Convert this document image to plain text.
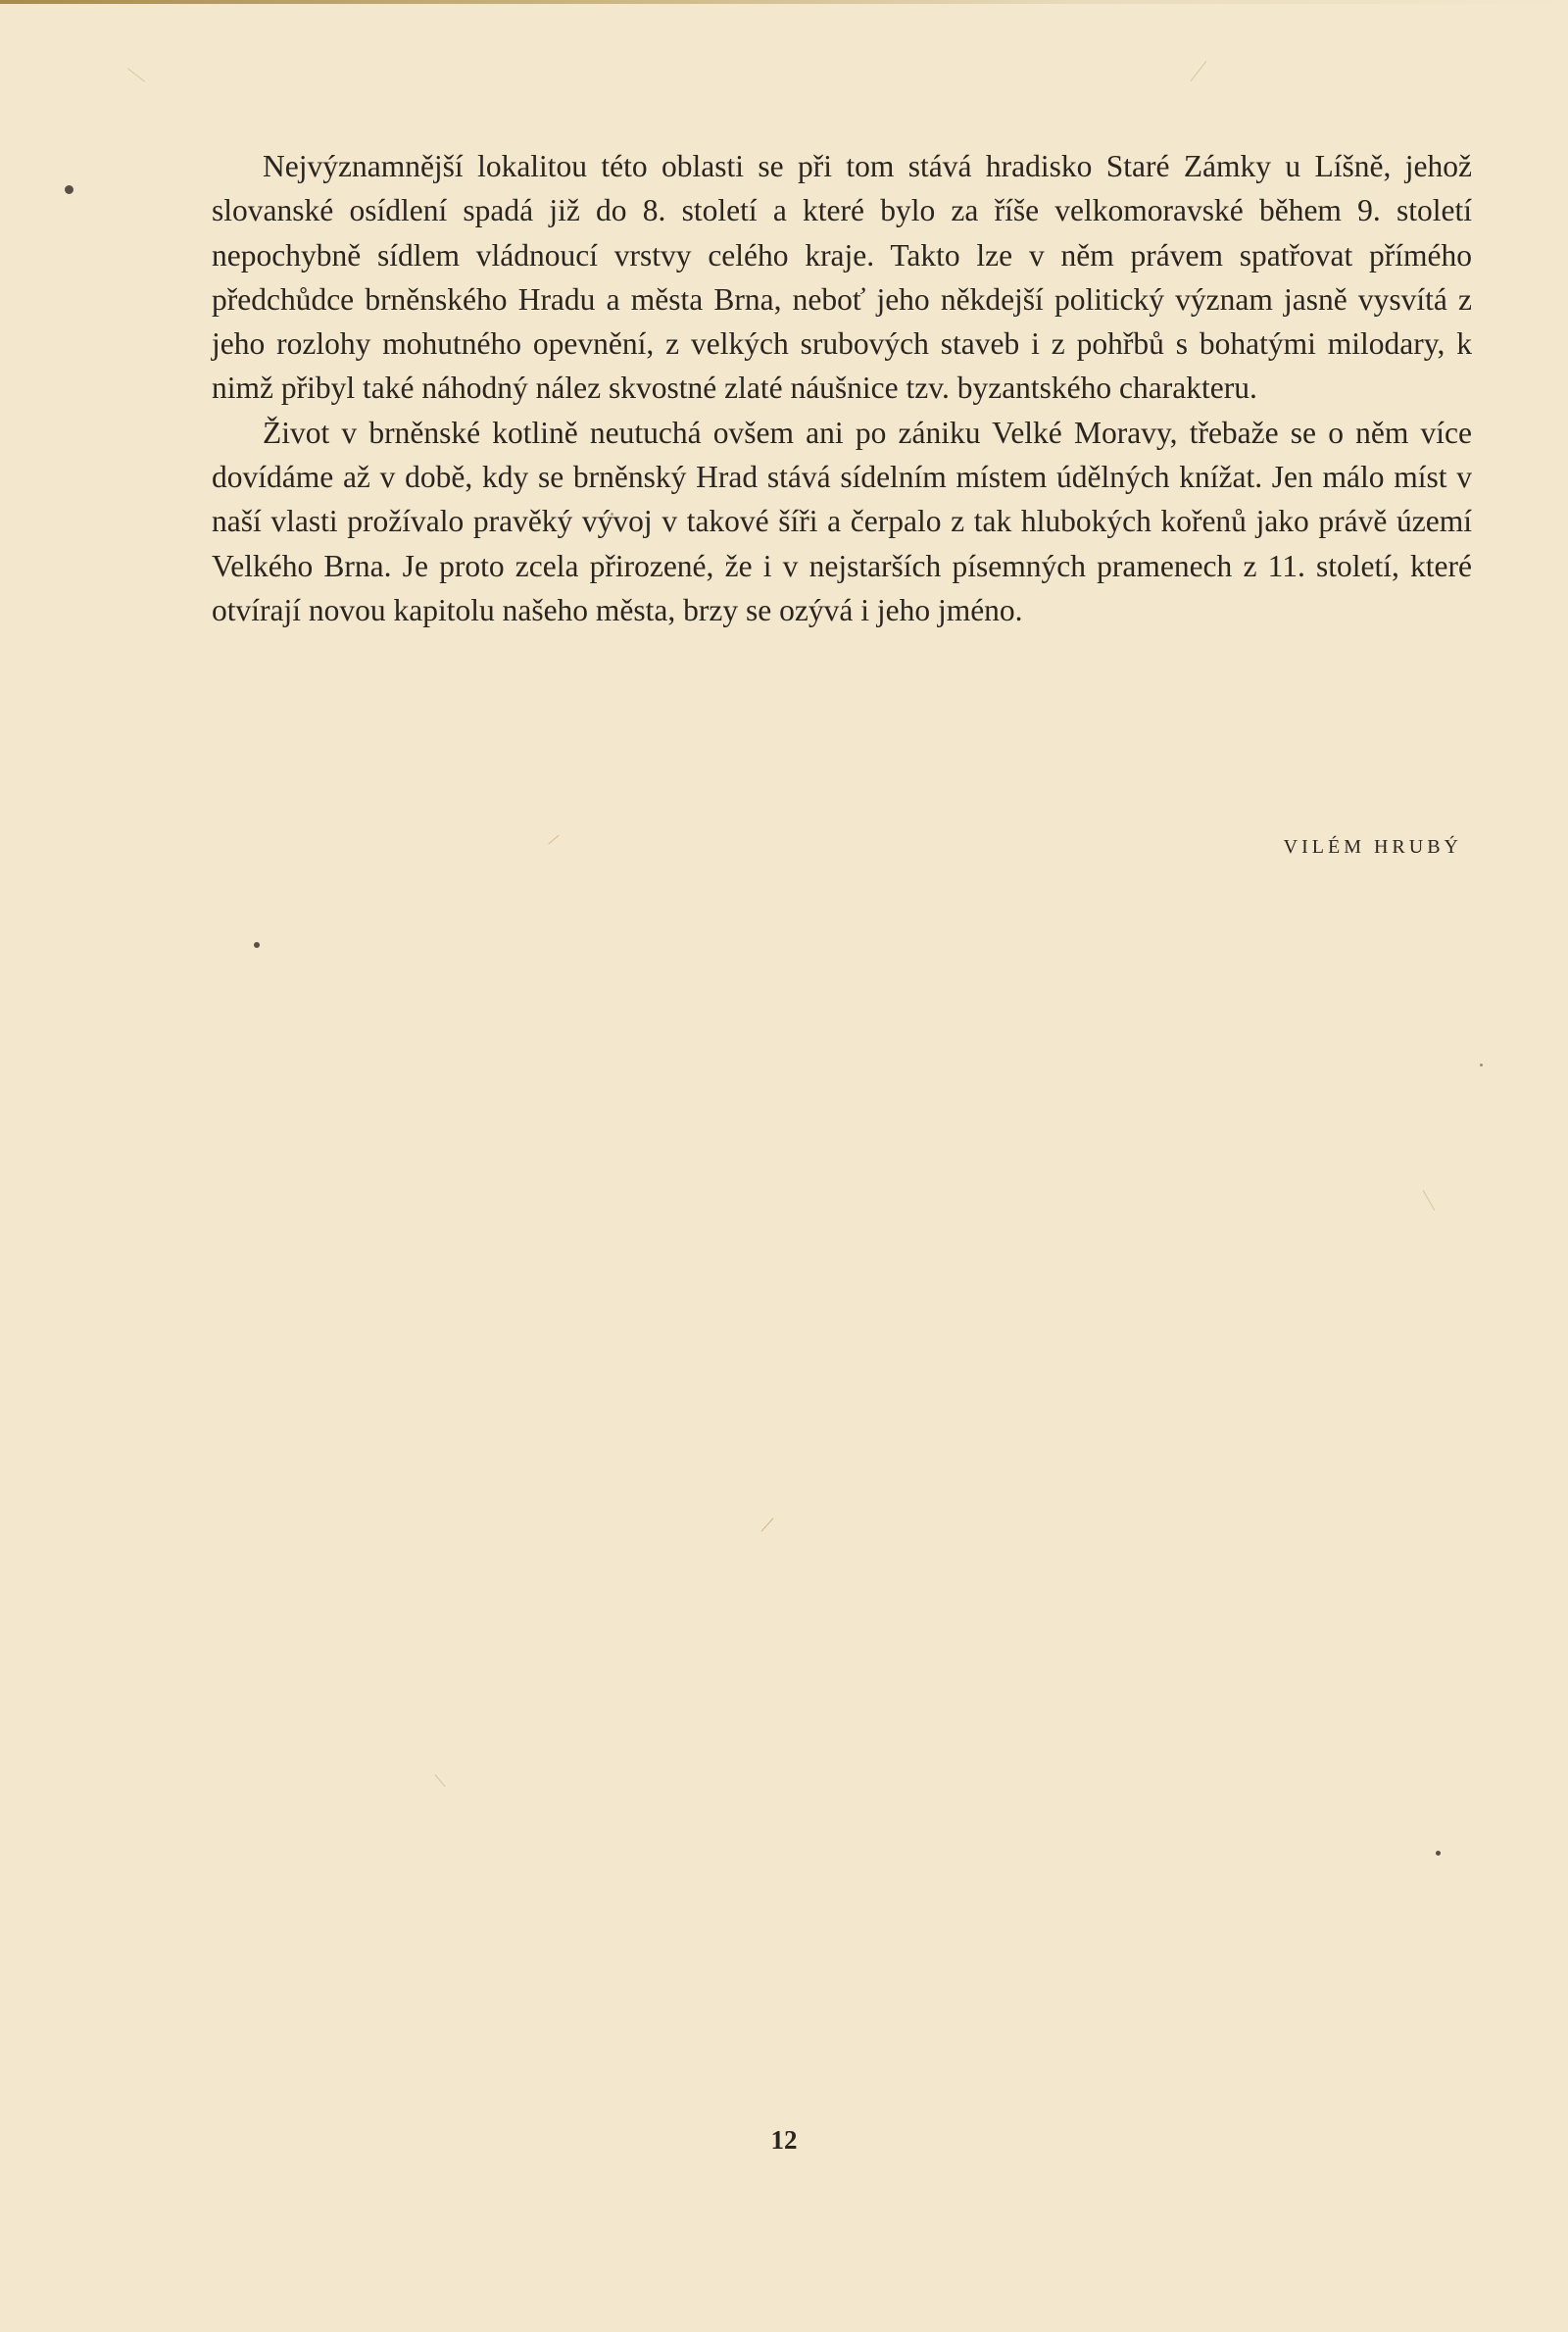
Nejvýznamnější lokalitou této oblasti se při tom stává hradisko Staré Zámky u Líšně, jehož slovanské osídlení spadá již do 8. století a které bylo za říše velkomoravské během 9. století nepochybně sídlem vládnoucí vrstvy celého kraje. Takto lze v něm právem spatřovat přímého předchůdce brněnského Hradu a města Brna, neboť jeho někdejší politický význam jasně vysvítá z jeho rozlohy mohutného opevnění, z velkých srubových staveb i z pohřbů s bohatými milodary, k nimž přibyl také náhodný nález skvostné zlaté náušnice tzv. byzantského charakteru.

Život v brněnské kotlině neutuchá ovšem ani po zániku Velké Moravy, třebaže se o něm více dovídáme až v době, kdy se brněnský Hrad stává sídelním místem údělných knížat. Jen málo míst v naší vlasti prožívalo pravěký vývoj v takové šíři a čerpalo z tak hlubokých kořenů jako právě území Velkého Brna. Je proto zcela přirozené, že i v nejstarších písemných pramenech z 11. století, které otvírají novou kapitolu našeho města, brzy se ozývá i jeho jméno.

VILÉM HRUBÝ
12
